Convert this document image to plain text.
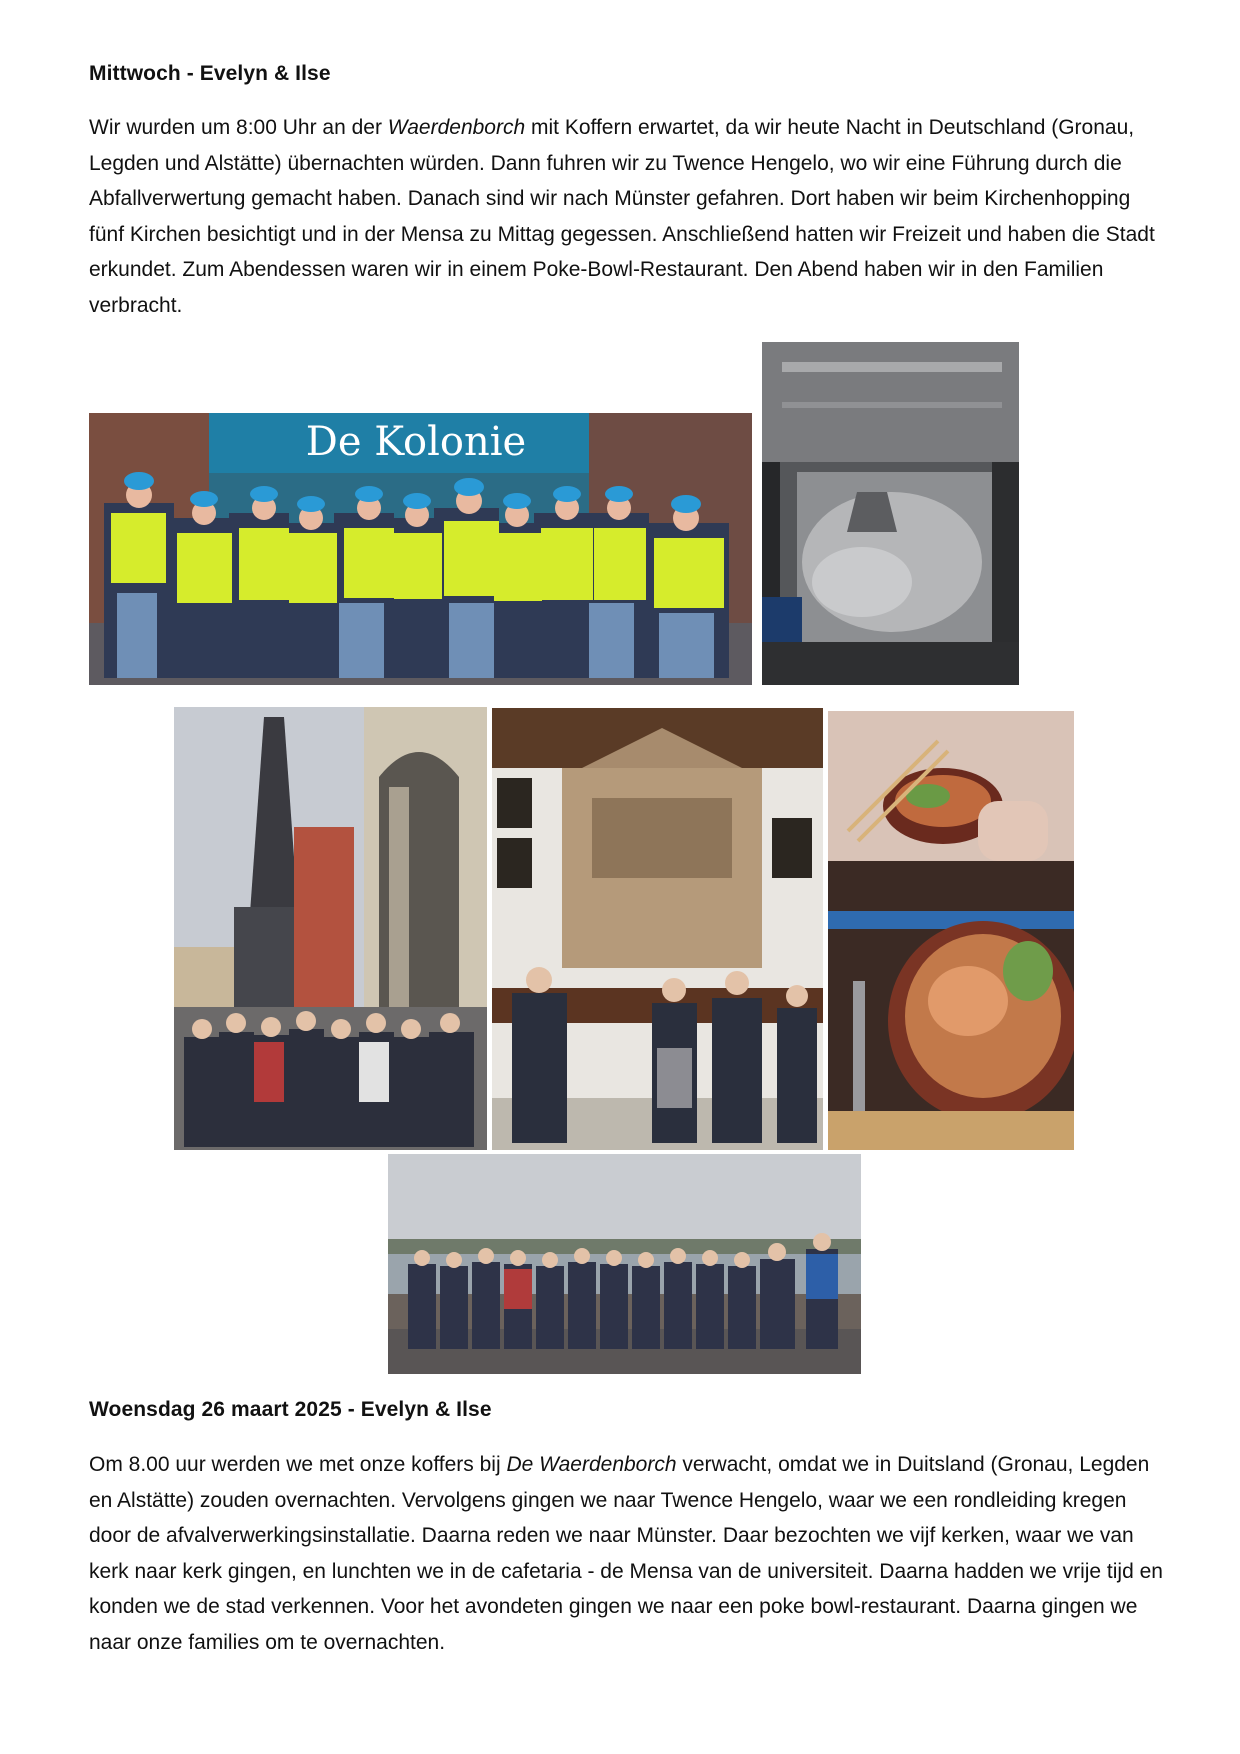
Mittwoch - Evelyn & Ilse
Wir wurden um 8:00 Uhr an der Waerdenborch mit Koffern erwartet, da wir heute Nacht in Deutschland (Gronau, Legden und Alstätte) übernachten würden. Dann fuhren wir zu Twence Hengelo, wo wir eine Führung durch die Abfallverwertung gemacht haben. Danach sind wir nach Münster gefahren. Dort haben wir beim Kirchenhopping fünf Kirchen besichtigt und in der Mensa zu Mittag gegessen. Anschließend hatten wir Freizeit und haben die Stadt erkundet. Zum Abendessen waren wir in einem Poke-Bowl-Restaurant. Den Abend haben wir in den Familien verbracht.
De Kolonie
Woensdag 26 maart 2025 - Evelyn & Ilse
Om 8.00 uur werden we met onze koffers bij De Waerdenborch verwacht, omdat we in Duitsland (Gronau, Legden en Alstätte) zouden overnachten. Vervolgens gingen we naar Twence Hengelo, waar we een rondleiding kregen door de afvalverwerkingsinstallatie. Daarna reden we naar Münster. Daar bezochten we vijf kerken, waar we van kerk naar kerk gingen, en lunchten we in de cafetaria - de Mensa van de universiteit. Daarna hadden we vrije tijd en konden we de stad verkennen. Voor het avondeten gingen we naar een poke bowl-restaurant. Daarna gingen we naar onze families om te overnachten.
